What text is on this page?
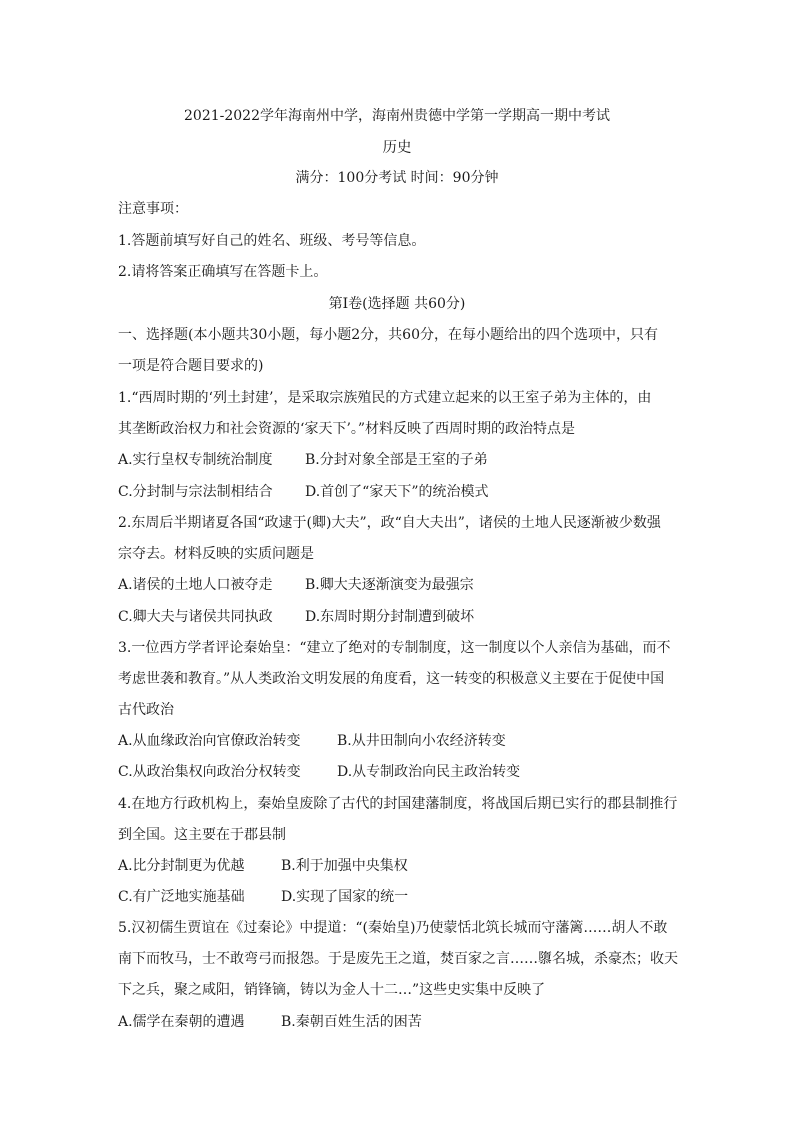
2021-2022学年海南州中学，海南州贵德中学第一学期高一期中考试
历史
满分：100分考试 时间：90分钟
注意事项：
1.答题前填写好自己的姓名、班级、考号等信息。
2.请将答案正确填写在答题卡上。
第I卷(选择题 共60分)
一、选择题(本小题共30小题，每小题2分，共60分，在每小题给出的四个选项中，只有
一项是符合题目要求的)
1.“西周时期的‘列土封建’，是采取宗族殖民的方式建立起来的以王室子弟为主体的，由
其垄断政治权力和社会资源的‘家天下’。”材料反映了西周时期的政治特点是
A.实行皇权专制统治制度 B.分封对象全部是王室的子弟
C.分封制与宗法制相结合 D.首创了“家天下”的统治模式
2.东周后半期诸夏各国“政逮于(卿)大夫”，政“自大夫出”，诸侯的土地人民逐渐被少数强
宗夺去。材料反映的实质问题是
A.诸侯的土地人口被夺走 B.卿大夫逐渐演变为最强宗
C.卿大夫与诸侯共同执政 D.东周时期分封制遭到破坏
3.一位西方学者评论秦始皇：“建立了绝对的专制制度，这一制度以个人亲信为基础，而不
考虑世袭和教育。”从人类政治文明发展的角度看，这一转变的积极意义主要在于促使中国
古代政治
A.从血缘政治向官僚政治转变	B.从井田制向小农经济转变
C.从政治集权向政治分权转变	D.从专制政治向民主政治转变
4.在地方行政机构上，秦始皇废除了古代的封国建藩制度，将战国后期已实行的郡县制推行
到全国。这主要在于郡县制
A.比分封制更为优越	B.利于加强中央集权
C.有广泛地实施基础	D.实现了国家的统一
5.汉初儒生贾谊在《过秦论》中提道：“(秦始皇)乃使蒙恬北筑长城而守藩篱……胡人不敢
南下而牧马，士不敢弯弓而报怨。于是废先王之道，焚百家之言……隳名城，杀豪杰；收天
下之兵，聚之咸阳，销锋镝，铸以为金人十二…”这些史实集中反映了
A.儒学在秦朝的遭遇	B.秦朝百姓生活的困苦
